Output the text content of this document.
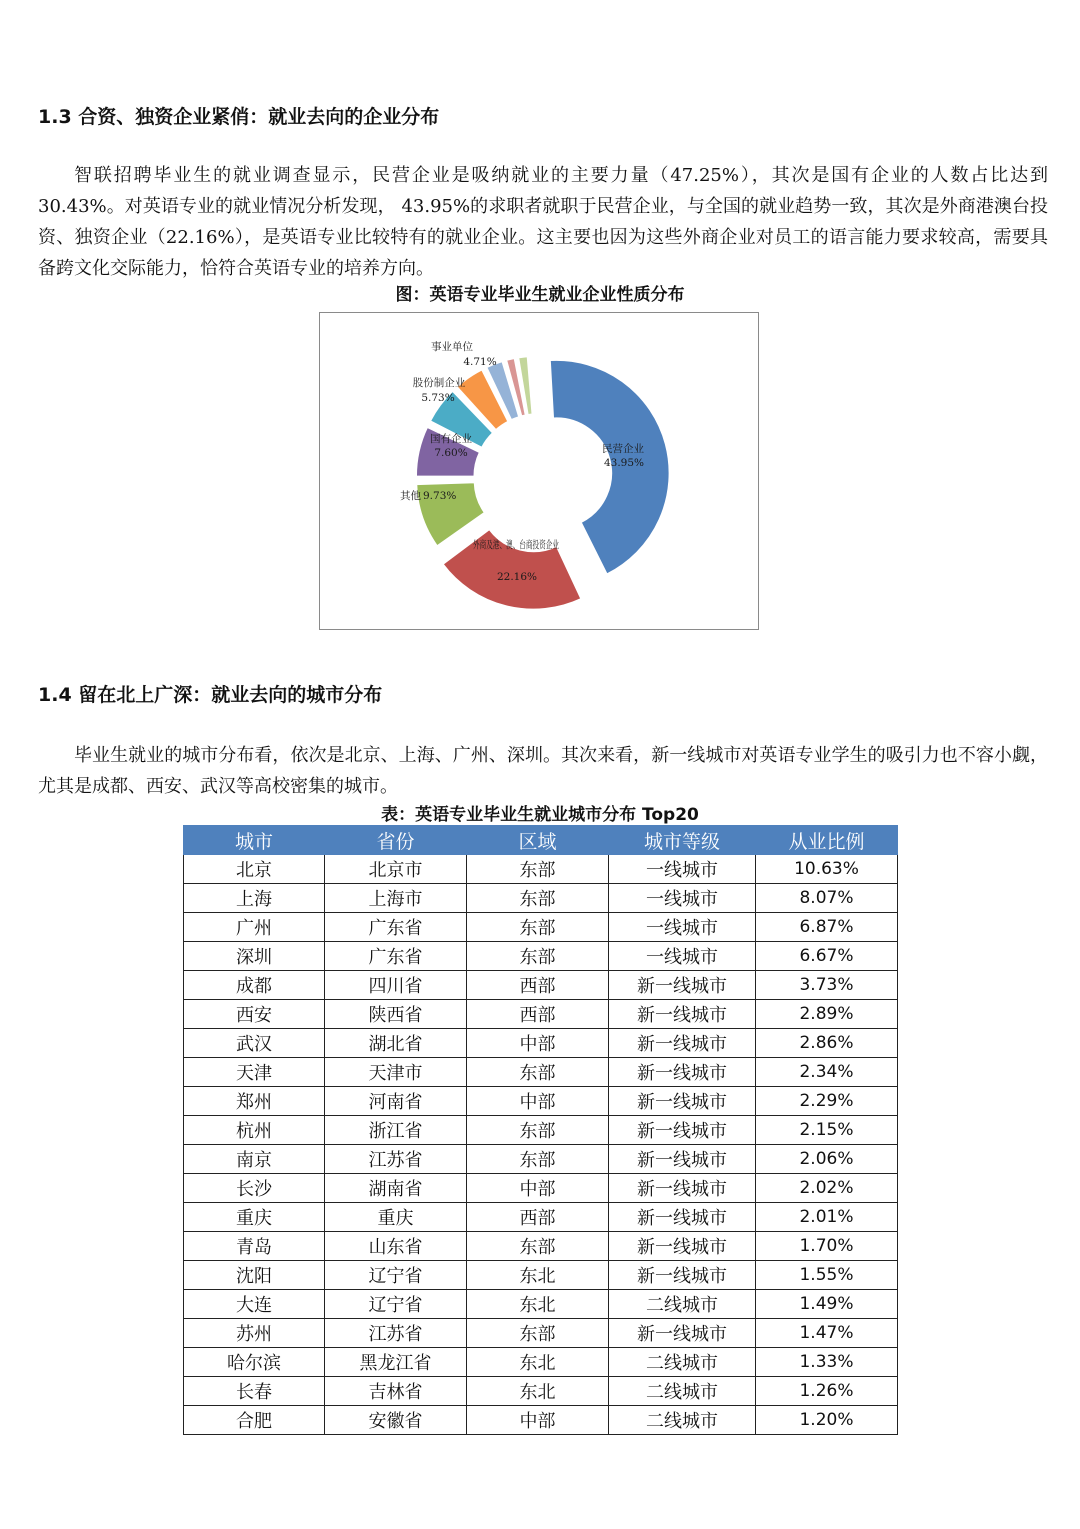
1.3 合资、独资企业紧俏：就业去向的企业分布

智联招聘毕业生的就业调查显示，民营企业是吸纳就业的主要力量（47.25%），其次是国有企业的人数占比达到 30.43%。对英语专业的就业情况分析发现， 43.95%的求职者就职于民营企业，与全国的就业趋势一致，其次是外商港澳台投资、独资企业（22.16%），是英语专业比较特有的就业企业。这主要也因为这些外商企业对员工的语言能力要求较高，需要具备跨文化交际能力，恰符合英语专业的培养方向。

图：英语专业毕业生就业企业性质分布

民营企业
43.95%
外商及港、澳、台商投资企业
22.16%
其他 9.73%
国有企业
7.60%
股份制企业
5.73%
事业单位
4.71%
1.4 留在北上广深：就业去向的城市分布

毕业生就业的城市分布看，依次是北京、上海、广州、深圳。其次来看，新一线城市对英语专业学生的吸引力也不容小觑，尤其是成都、西安、武汉等高校密集的城市。

表：英语专业毕业生就业城市分布 Top20

城市	省份	区域	城市等级	从业比例
北京	北京市	东部	一线城市	10.63%
上海	上海市	东部	一线城市	8.07%
广州	广东省	东部	一线城市	6.87%
深圳	广东省	东部	一线城市	6.67%
成都	四川省	西部	新一线城市	3.73%
西安	陕西省	西部	新一线城市	2.89%
武汉	湖北省	中部	新一线城市	2.86%
天津	天津市	东部	新一线城市	2.34%
郑州	河南省	中部	新一线城市	2.29%
杭州	浙江省	东部	新一线城市	2.15%
南京	江苏省	东部	新一线城市	2.06%
长沙	湖南省	中部	新一线城市	2.02%
重庆	重庆	西部	新一线城市	2.01%
青岛	山东省	东部	新一线城市	1.70%
沈阳	辽宁省	东北	新一线城市	1.55%
大连	辽宁省	东北	二线城市	1.49%
苏州	江苏省	东部	新一线城市	1.47%
哈尔滨	黑龙江省	东北	二线城市	1.33%
长春	吉林省	东北	二线城市	1.26%
合肥	安徽省	中部	二线城市	1.20%
